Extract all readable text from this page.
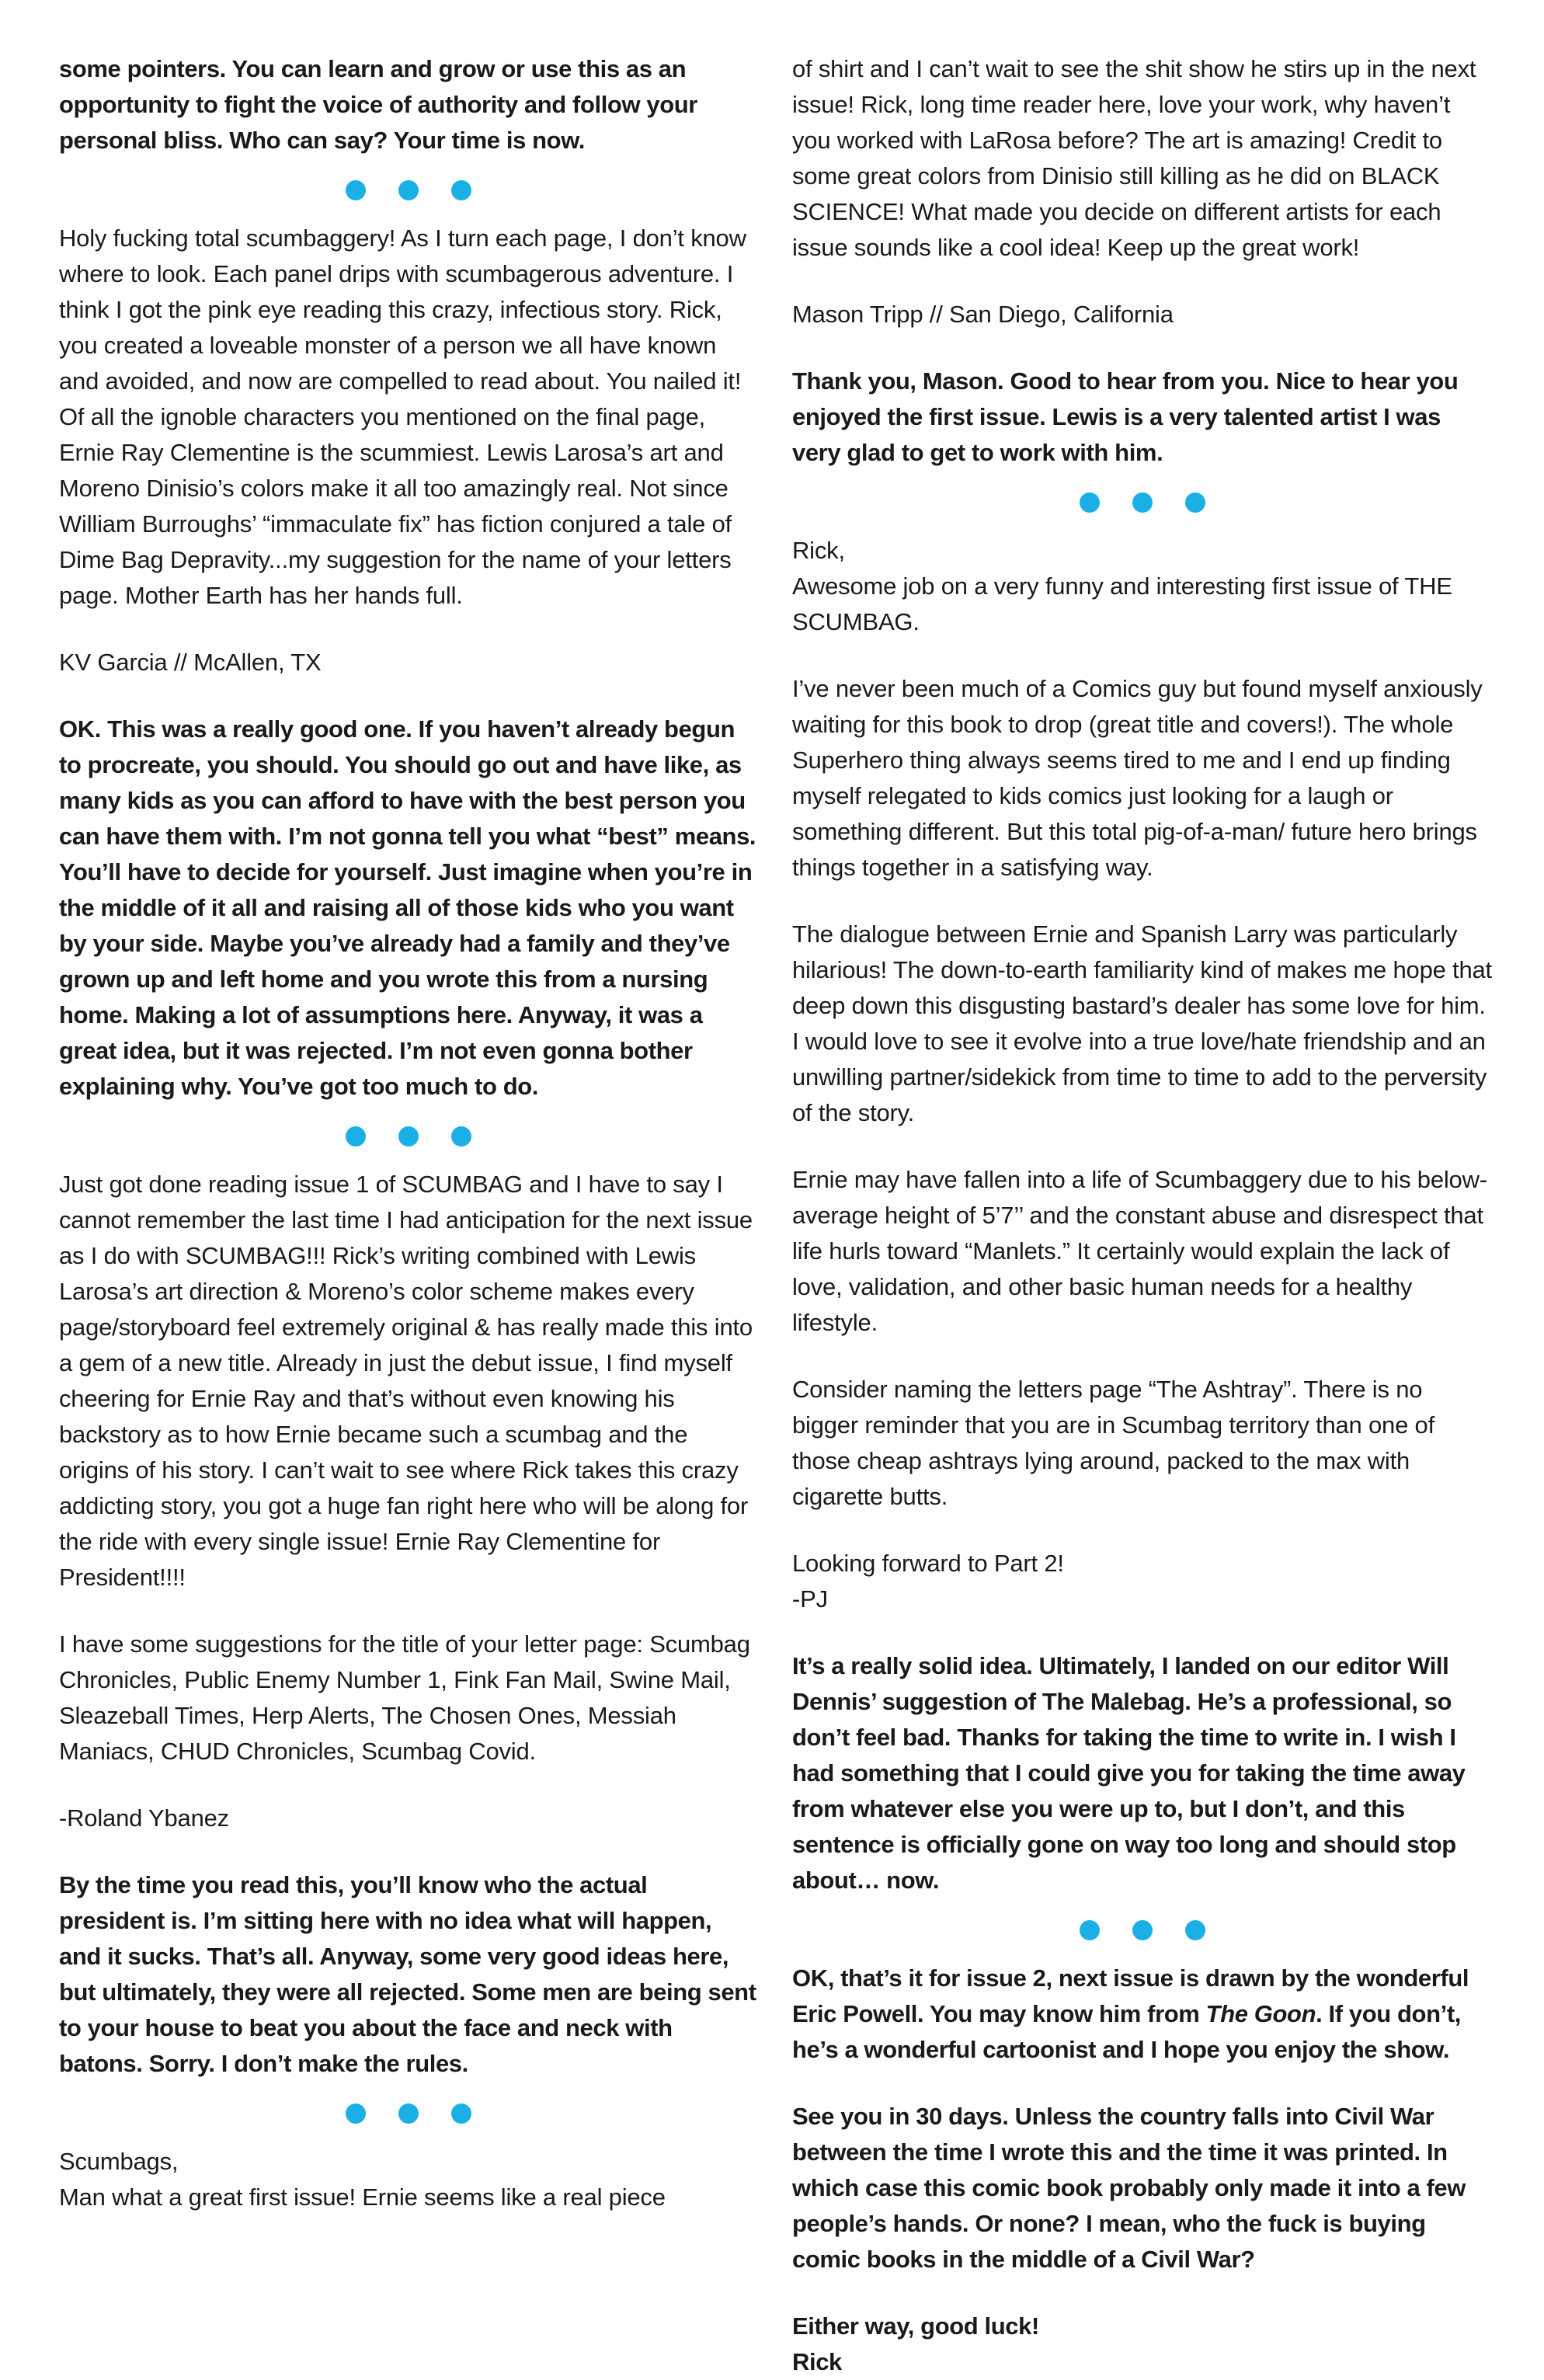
some pointers. You can learn and grow or use this as an opportunity to fight the voice of authority and follow your personal bliss. Who can say? Your time is now.

Holy fucking total scumbaggery! As I turn each page, I don’t know where to look. Each panel drips with scumbagerous adventure. I think I got the pink eye reading this crazy, infectious story. Rick, you created a loveable monster of a person we all have known and avoided, and now are compelled to read about. You nailed it! Of all the ignoble characters you mentioned on the final page, Ernie Ray Clementine is the scummiest. Lewis Larosa’s art and Moreno Dinisio’s colors make it all too amazingly real. Not since William Burroughs’ “immaculate fix” has fiction conjured a tale of Dime Bag Depravity...my suggestion for the name of your letters page. Mother Earth has her hands full.

KV Garcia // McAllen, TX

OK. This was a really good one. If you haven’t already begun to procreate, you should. You should go out and have like, as many kids as you can afford to have with the best person you can have them with. I’m not gonna tell you what “best” means. You’ll have to decide for yourself. Just imagine when you’re in the middle of it all and raising all of those kids who you want by your side. Maybe you’ve already had a family and they’ve grown up and left home and you wrote this from a nursing home. Making a lot of assumptions here. Anyway, it was a great idea, but it was rejected. I’m not even gonna bother explaining why. You’ve got too much to do.

Just got done reading issue 1 of SCUMBAG and I have to say I cannot remember the last time I had anticipation for the next issue as I do with SCUMBAG!!! Rick’s writing combined with Lewis Larosa’s art direction & Moreno’s color scheme makes every page/storyboard feel extremely original & has really made this into a gem of a new title. Already in just the debut issue, I find myself cheering for Ernie Ray and that’s without even knowing his backstory as to how Ernie became such a scumbag and the origins of his story. I can’t wait to see where Rick takes this crazy addicting story, you got a huge fan right here who will be along for the ride with every single issue! Ernie Ray Clementine for President!!!!

I have some suggestions for the title of your letter page: Scumbag Chronicles, Public Enemy Number 1, Fink Fan Mail, Swine Mail, Sleazeball Times, Herp Alerts, The Chosen Ones, Messiah Maniacs, CHUD Chronicles, Scumbag Covid.

-Roland Ybanez

By the time you read this, you’ll know who the actual president is. I’m sitting here with no idea what will happen, and it sucks. That’s all. Anyway, some very good ideas here, but ultimately, they were all rejected. Some men are being sent to your house to beat you about the face and neck with batons. Sorry. I don’t make the rules.

Scumbags,
Man what a great first issue! Ernie seems like a real piece

of shirt and I can’t wait to see the shit show he stirs up in the next issue! Rick, long time reader here, love your work, why haven’t you worked with LaRosa before? The art is amazing! Credit to some great colors from Dinisio still killing as he did on BLACK SCIENCE! What made you decide on different artists for each issue sounds like a cool idea! Keep up the great work!

Mason Tripp // San Diego, California

Thank you, Mason. Good to hear from you. Nice to hear you enjoyed the first issue. Lewis is a very talented artist I was very glad to get to work with him.

Rick,
Awesome job on a very funny and interesting first issue of THE SCUMBAG.

I’ve never been much of a Comics guy but found myself anxiously waiting for this book to drop (great title and covers!). The whole Superhero thing always seems tired to me and I end up finding myself relegated to kids comics just looking for a laugh or something different. But this total pig-of-a-man/ future hero brings things together in a satisfying way.

The dialogue between Ernie and Spanish Larry was particularly hilarious! The down-to-earth familiarity kind of makes me hope that deep down this disgusting bastard’s dealer has some love for him. I would love to see it evolve into a true love/hate friendship and an unwilling partner/sidekick from time to time to add to the perversity of the story.

Ernie may have fallen into a life of Scumbaggery due to his below-average height of 5’7’’ and the constant abuse and disrespect that life hurls toward “Manlets.” It certainly would explain the lack of love, validation, and other basic human needs for a healthy lifestyle.

Consider naming the letters page “The Ashtray”. There is no bigger reminder that you are in Scumbag territory than one of those cheap ashtrays lying around, packed to the max with cigarette butts.

Looking forward to Part 2!
-PJ

It’s a really solid idea. Ultimately, I landed on our editor Will Dennis’ suggestion of The Malebag. He’s a professional, so don’t feel bad. Thanks for taking the time to write in. I wish I had something that I could give you for taking the time away from whatever else you were up to, but I don’t, and this sentence is officially gone on way too long and should stop about… now.

OK, that’s it for issue 2, next issue is drawn by the wonderful Eric Powell. You may know him from The Goon. If you don’t, he’s a wonderful cartoonist and I hope you enjoy the show.

See you in 30 days. Unless the country falls into Civil War between the time I wrote this and the time it was printed. In which case this comic book probably only made it into a few people’s hands. Or none? I mean, who the fuck is buying comic books in the middle of a Civil War?

Either way, good luck!
Rick
